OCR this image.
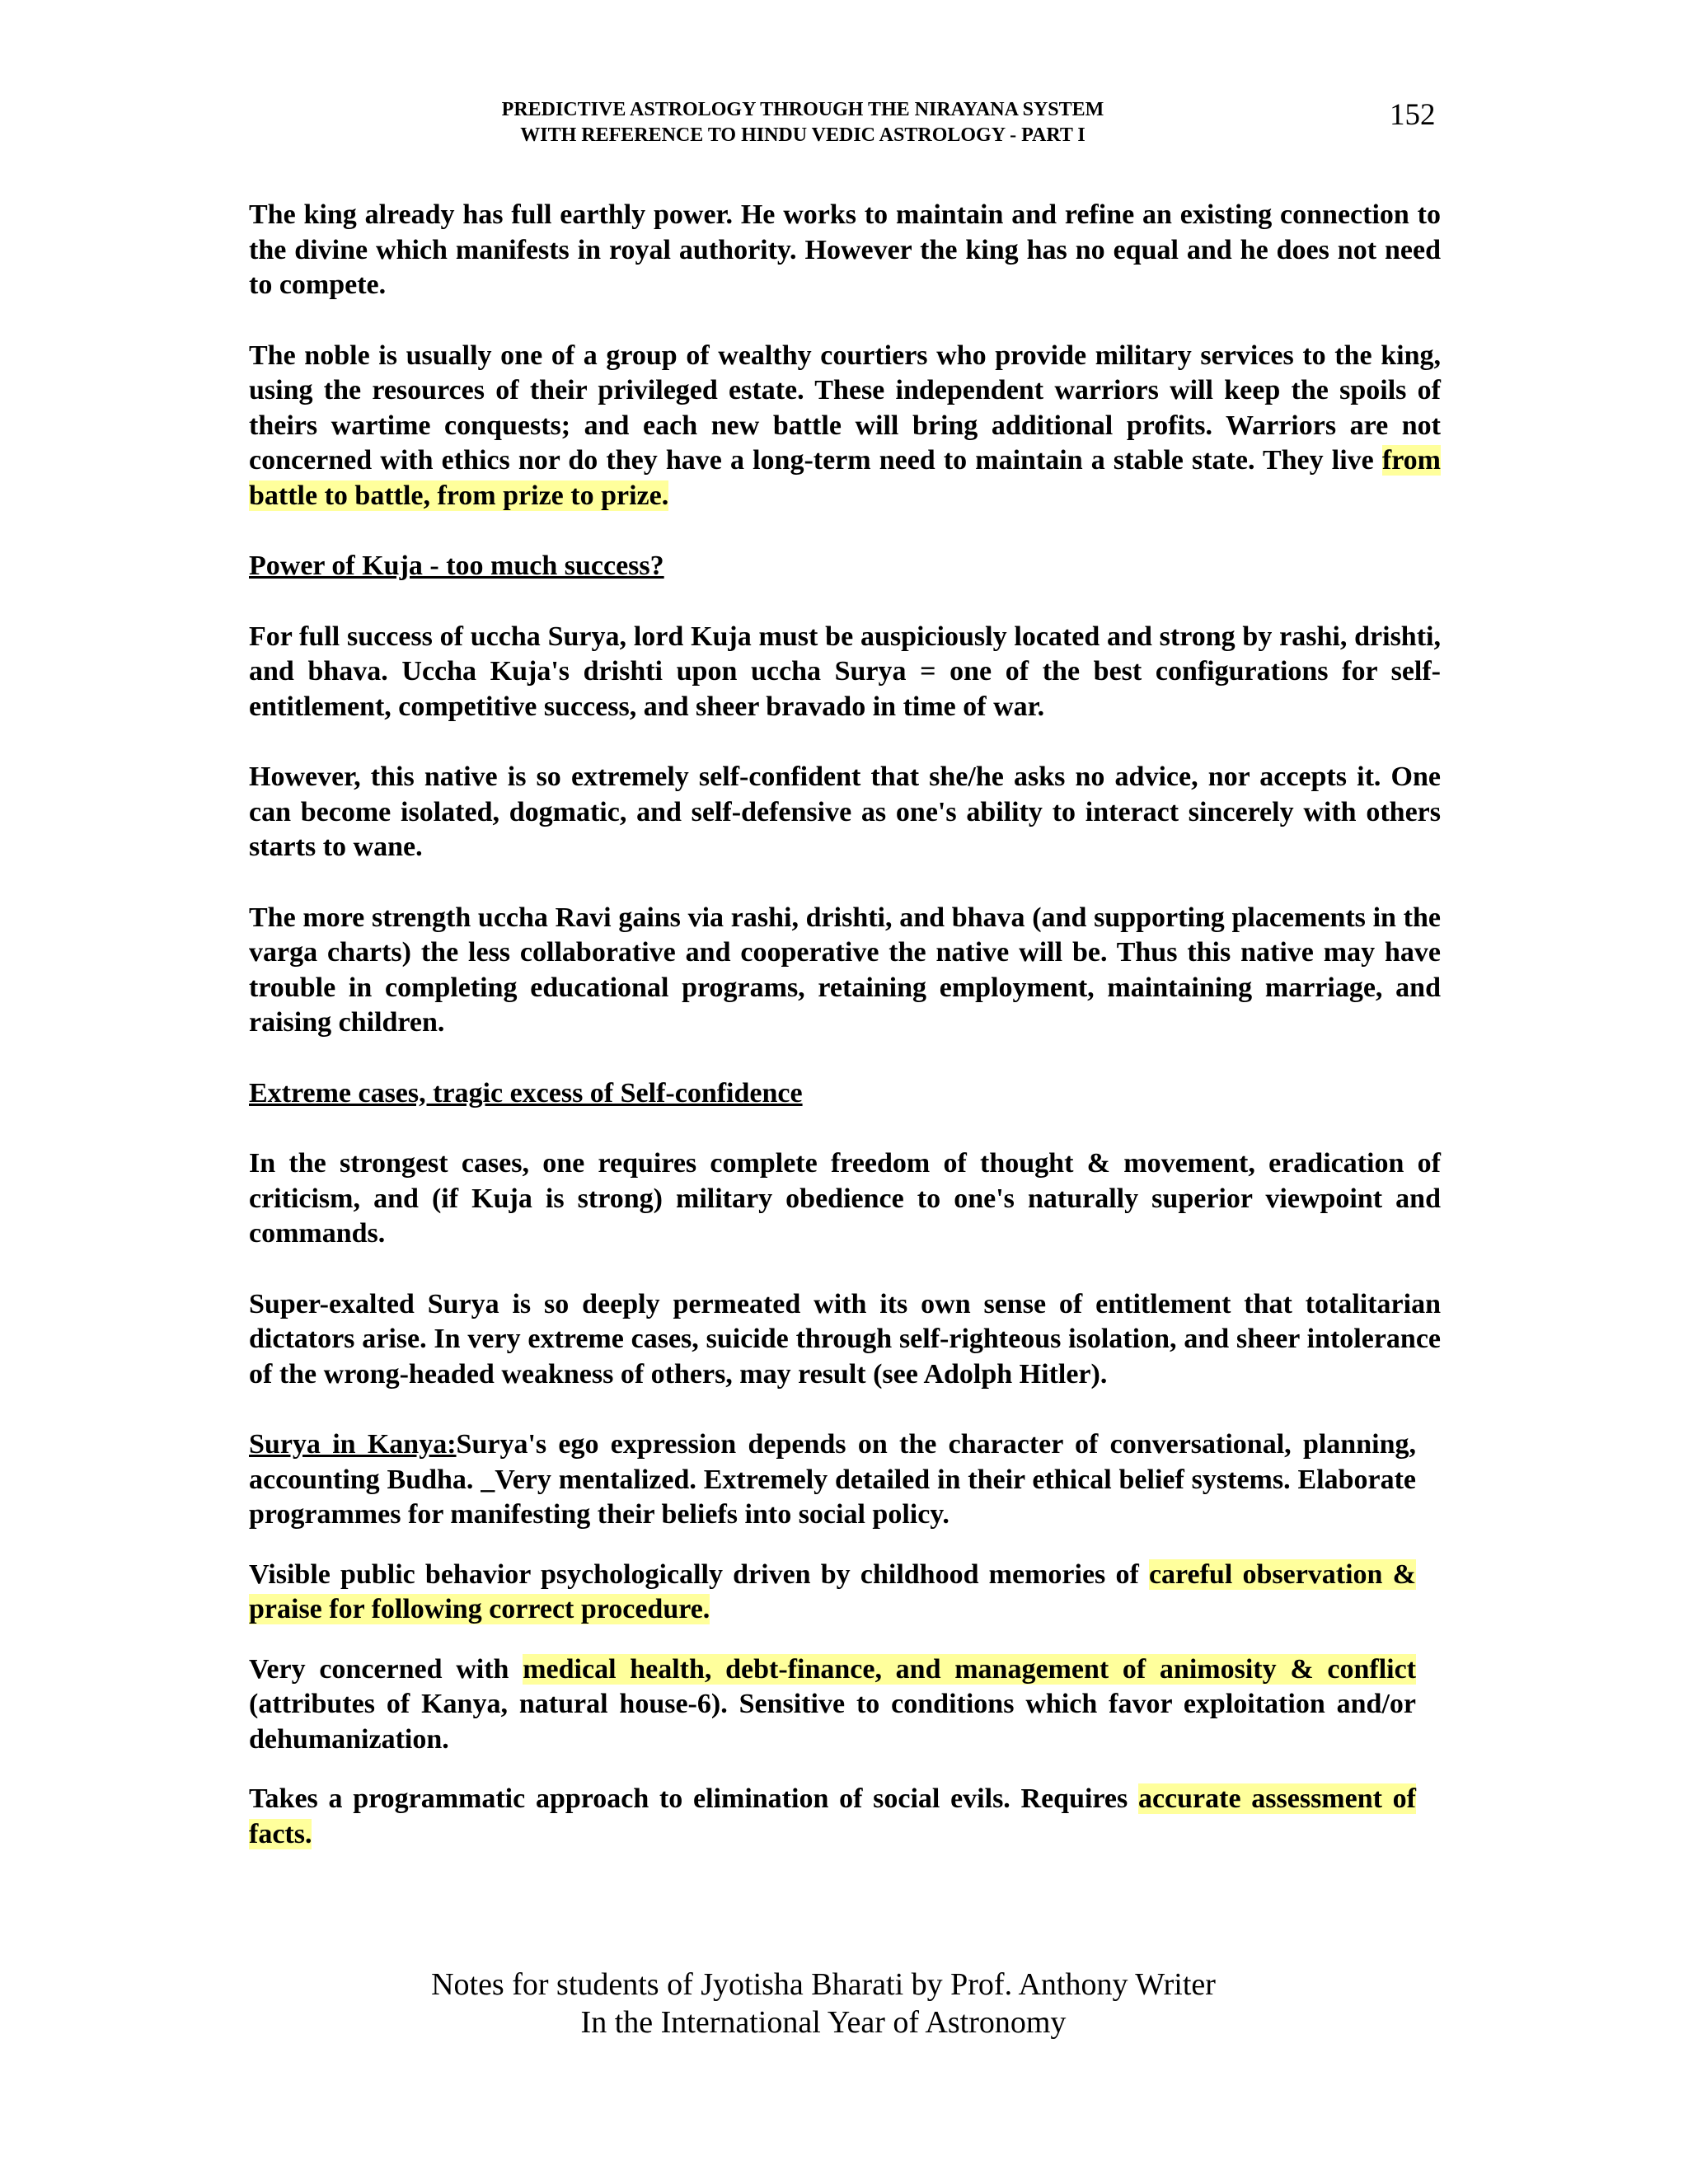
PREDICTIVE ASTROLOGY THROUGH THE NIRAYANA SYSTEM
WITH REFERENCE TO HINDU VEDIC ASTROLOGY - PART I
152

The king already has full earthly power. He works to maintain and refine an existing connection to the divine which manifests in royal authority. However the king has no equal and he does not need to compete.

The noble is usually one of a group of wealthy courtiers who provide military services to the king, using the resources of their privileged estate. These independent warriors will keep the spoils of theirs wartime conquests; and each new battle will bring additional profits. Warriors are not concerned with ethics nor do they have a long-term need to maintain a stable state. They live from battle to battle, from prize to prize.

Power of Kuja - too much success?

For full success of uccha Surya, lord Kuja must be auspiciously located and strong by rashi, drishti, and bhava. Uccha Kuja's drishti upon uccha Surya = one of the best configurations for self-entitlement, competitive success, and sheer bravado in time of war.

However, this native is so extremely self-confident that she/he asks no advice, nor accepts it. One can become isolated, dogmatic, and self-defensive as one's ability to interact sincerely with others starts to wane.

The more strength uccha Ravi gains via rashi, drishti, and bhava (and supporting placements in the varga charts) the less collaborative and cooperative the native will be. Thus this native may have trouble in completing educational programs, retaining employment, maintaining marriage, and raising children.

Extreme cases, tragic excess of Self-confidence

In the strongest cases, one requires complete freedom of thought & movement, eradication of criticism, and (if Kuja is strong) military obedience to one's naturally superior viewpoint and commands.

Super-exalted Surya is so deeply permeated with its own sense of entitlement that totalitarian dictators arise. In very extreme cases, suicide through self-righteous isolation, and sheer intolerance of the wrong-headed weakness of others, may result (see Adolph Hitler).

Surya in Kanya:Surya's ego expression depends on the character of conversational, planning, accounting Budha. _Very mentalized. Extremely detailed in their ethical belief systems. Elaborate programmes for manifesting their beliefs into social policy.

Visible public behavior psychologically driven by childhood memories of careful observation & praise for following correct procedure.

Very concerned with medical health, debt-finance, and management of animosity & conflict (attributes of Kanya, natural house-6). Sensitive to conditions which favor exploitation and/or dehumanization.

Takes a programmatic approach to elimination of social evils. Requires accurate assessment of facts.

Notes for students of Jyotisha Bharati by Prof. Anthony Writer
In the International Year of Astronomy
